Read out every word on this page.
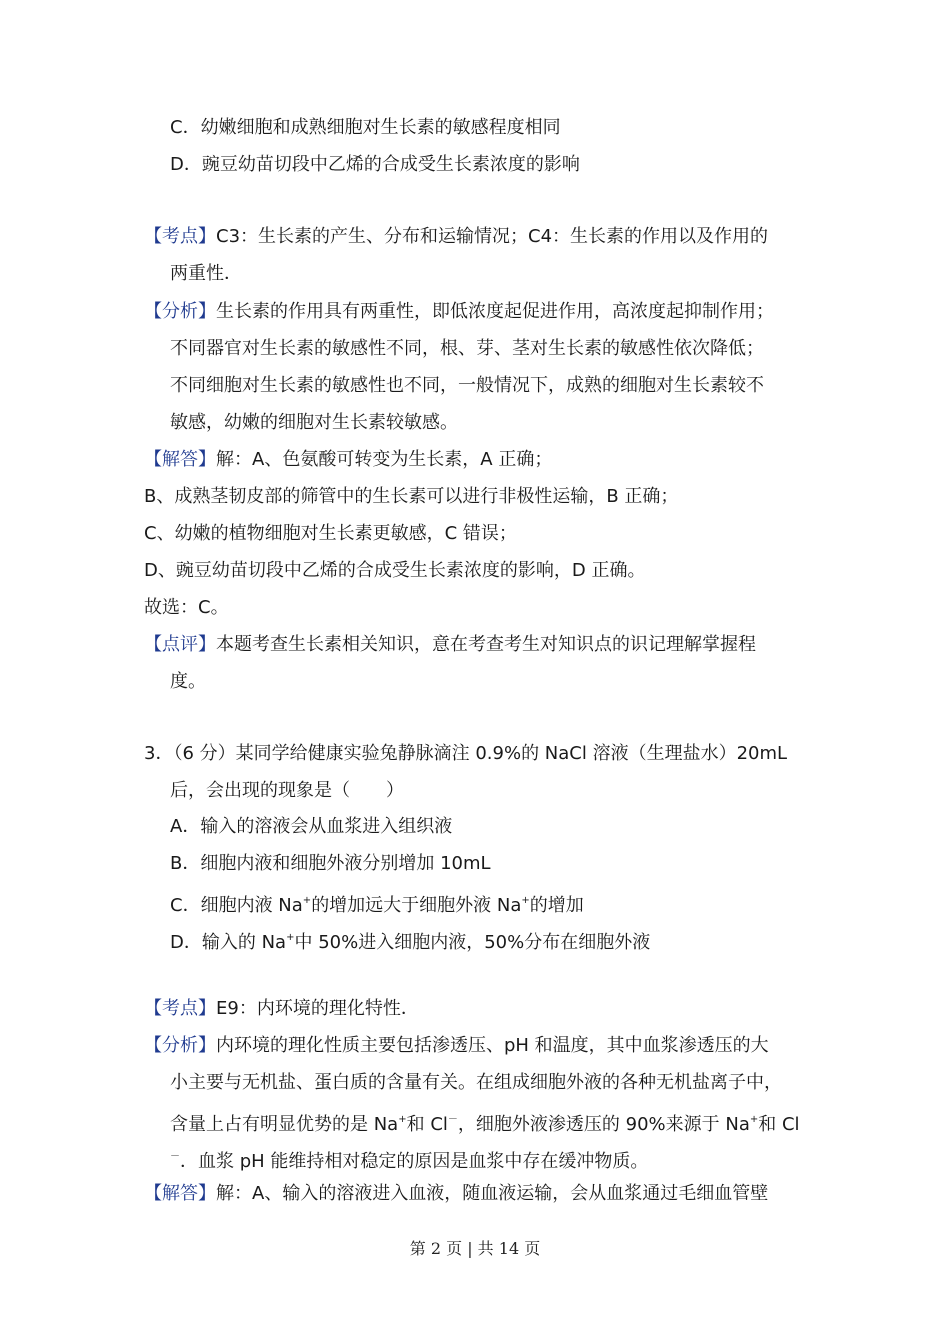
C．幼嫩细胞和成熟细胞对生长素的敏感程度相同
D．豌豆幼苗切段中乙烯的合成受生长素浓度的影响
【考点】C3：生长素的产生、分布和运输情况；C4：生长素的作用以及作用的
两重性．
【分析】生长素的作用具有两重性，即低浓度起促进作用，高浓度起抑制作用；
不同器官对生长素的敏感性不同，根、芽、茎对生长素的敏感性依次降低；
不同细胞对生长素的敏感性也不同，一般情况下，成熟的细胞对生长素较不
敏感，幼嫩的细胞对生长素较敏感。
【解答】解：A、色氨酸可转变为生长素，A 正确；
B、成熟茎韧皮部的筛管中的生长素可以进行非极性运输，B 正确；
C、幼嫩的植物细胞对生长素更敏感，C 错误；
D、豌豆幼苗切段中乙烯的合成受生长素浓度的影响，D 正确。
故选：C。
【点评】本题考查生长素相关知识，意在考查考生对知识点的识记理解掌握程
度。
3．（6 分）某同学给健康实验兔静脉滴注 0.9%的 NaCl 溶液（生理盐水）20mL
后，会出现的现象是（　　）
A．输入的溶液会从血浆进入组织液
B．细胞内液和细胞外液分别增加 10mL
C．细胞内液 Na+的增加远大于细胞外液 Na+的增加
D．输入的 Na+中 50%进入细胞内液，50%分布在细胞外液
【考点】E9：内环境的理化特性．
【分析】内环境的理化性质主要包括渗透压、pH 和温度，其中血浆渗透压的大
小主要与无机盐、蛋白质的含量有关。在组成细胞外液的各种无机盐离子中，
含量上占有明显优势的是 Na+和 Cl－，细胞外液渗透压的 90%来源于 Na+和 Cl
－．血浆 pH 能维持相对稳定的原因是血浆中存在缓冲物质。
【解答】解：A、输入的溶液进入血液，随血液运输，会从血浆通过毛细血管壁
第 2 页 | 共 14 页
